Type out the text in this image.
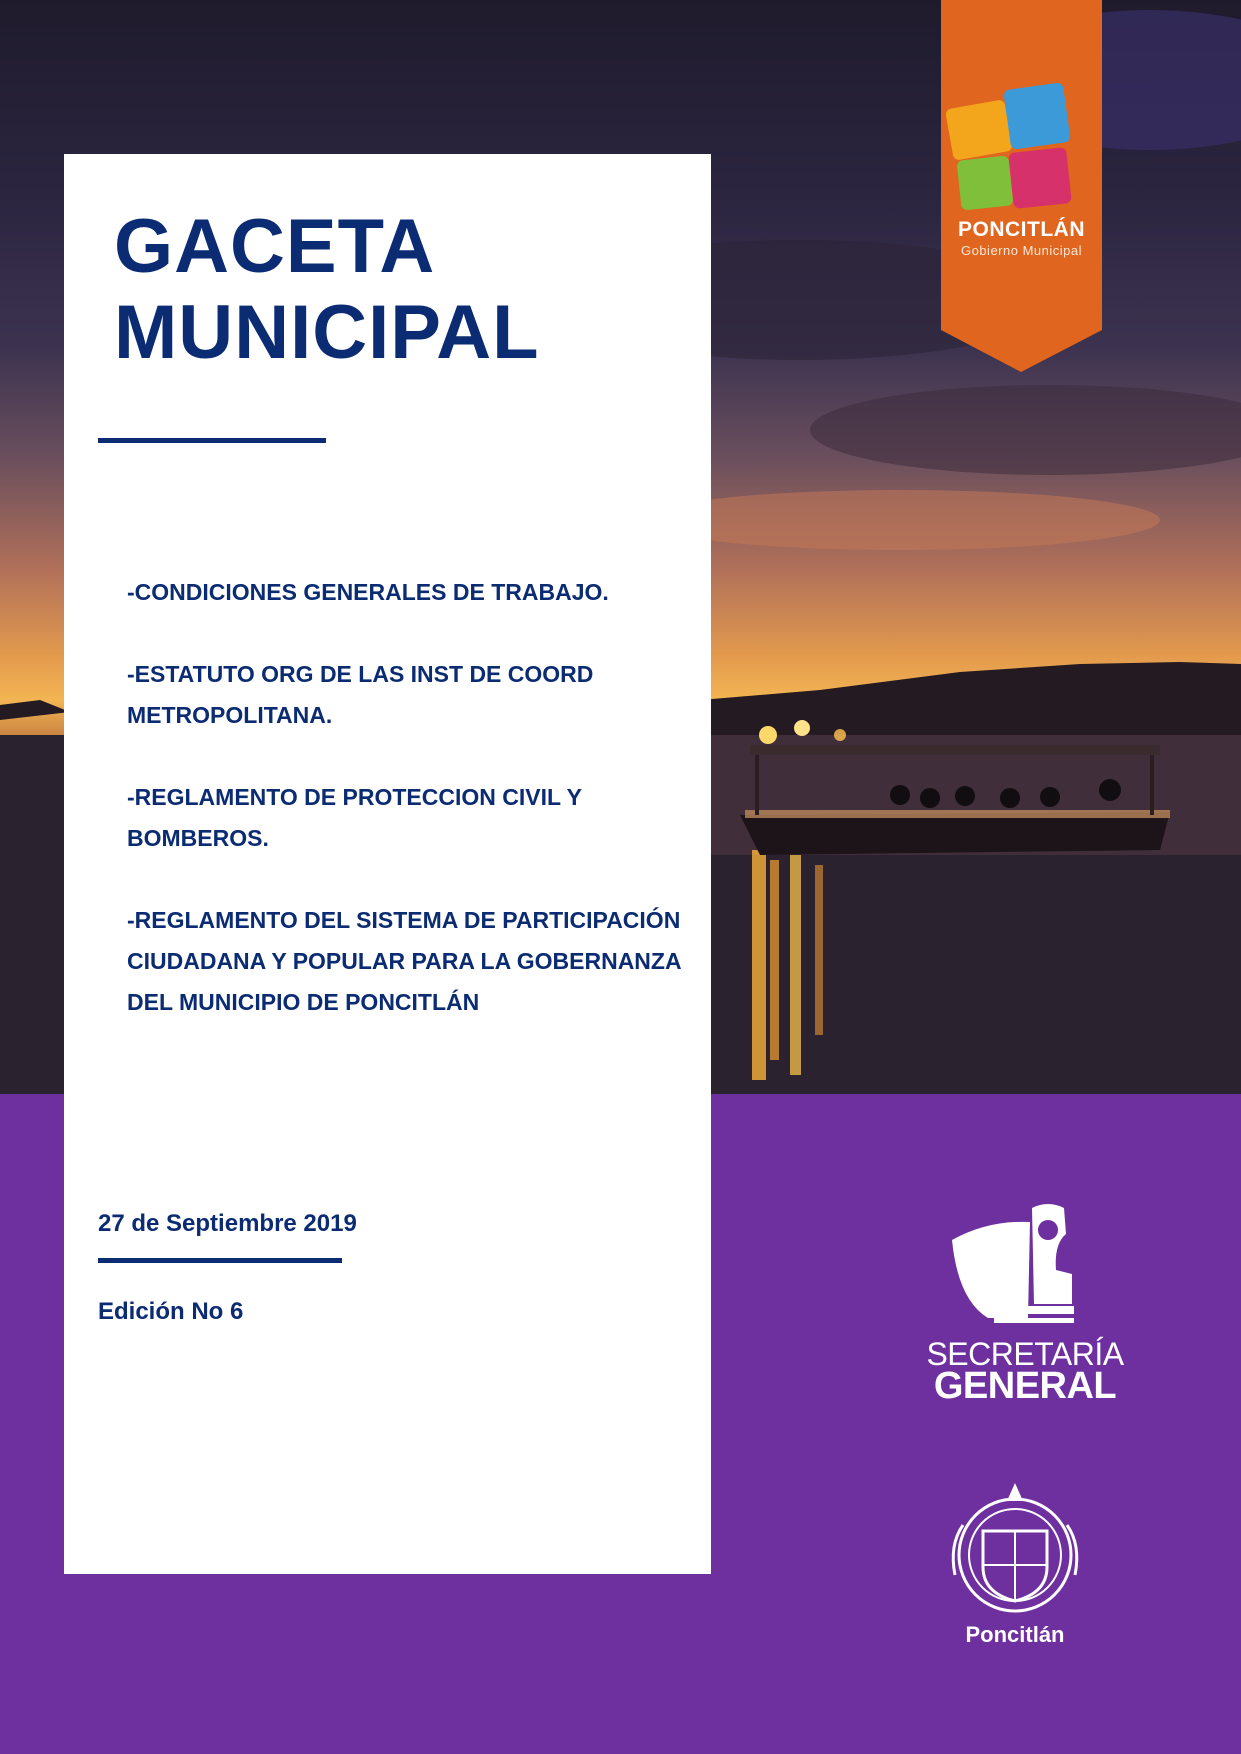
PONCITLÁN
Gobierno Municipal
GACETA
MUNICIPAL
-CONDICIONES GENERALES DE TRABAJO.
-ESTATUTO ORG DE LAS INST DE COORD METROPOLITANA.
-REGLAMENTO DE PROTECCION CIVIL Y BOMBEROS.
-REGLAMENTO DEL SISTEMA DE PARTICIPACIÓN CIUDADANA Y POPULAR PARA LA GOBERNANZA DEL MUNICIPIO DE PONCITLÁN
27 de Septiembre 2019
Edición No 6
SECRETARÍA
GENERAL
Poncitlán
